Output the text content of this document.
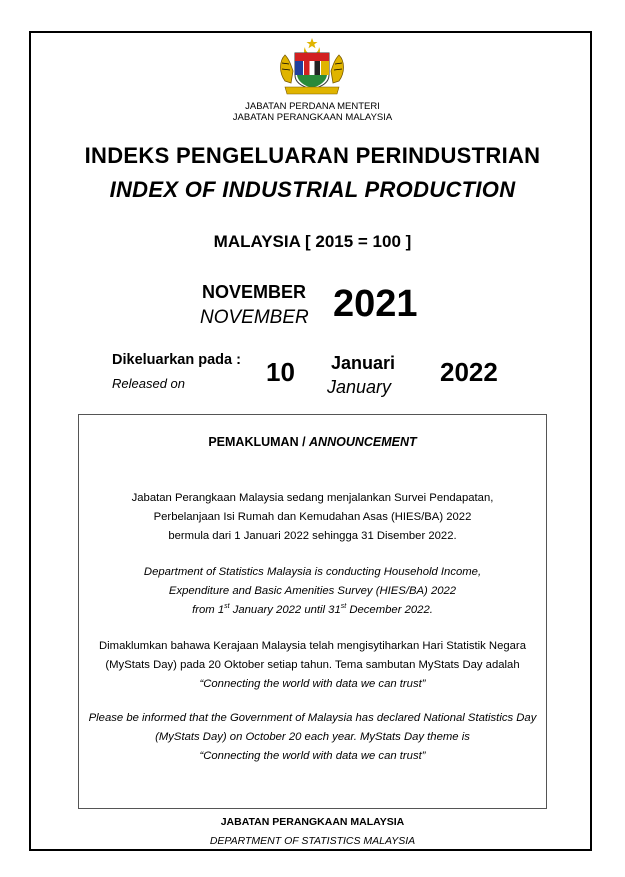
JABATAN PERDANA MENTERI
JABATAN PERANGKAAN MALAYSIA
INDEKS PENGELUARAN PERINDUSTRIAN
INDEX OF INDUSTRIAL PRODUCTION
MALAYSIA [ 2015 = 100 ]
NOVEMBER
NOVEMBER 2021
Dikeluarkan pada :
Released on	10 Januari
January 2022
PEMAKLUMAN / ANNOUNCEMENT
Jabatan Perangkaan Malaysia sedang menjalankan Survei Pendapatan,
Perbelanjaan Isi Rumah dan Kemudahan Asas (HIES/BA) 2022
bermula dari 1 Januari 2022 sehingga 31 Disember 2022.
Department of Statistics Malaysia is conducting Household Income,
Expenditure and Basic Amenities Survey (HIES/BA) 2022
from 1st January 2022 until 31st December 2022.
Dimaklumkan bahawa Kerajaan Malaysia telah mengisytiharkan Hari Statistik Negara
(MyStats Day) pada 20 Oktober setiap tahun. Tema sambutan MyStats Day adalah
“Connecting the world with data we can trust”
Please be informed that the Government of Malaysia has declared National Statistics Day
(MyStats Day) on October 20 each year. MyStats Day theme is
“Connecting the world with data we can trust”
JABATAN PERANGKAAN MALAYSIA
DEPARTMENT OF STATISTICS MALAYSIA
